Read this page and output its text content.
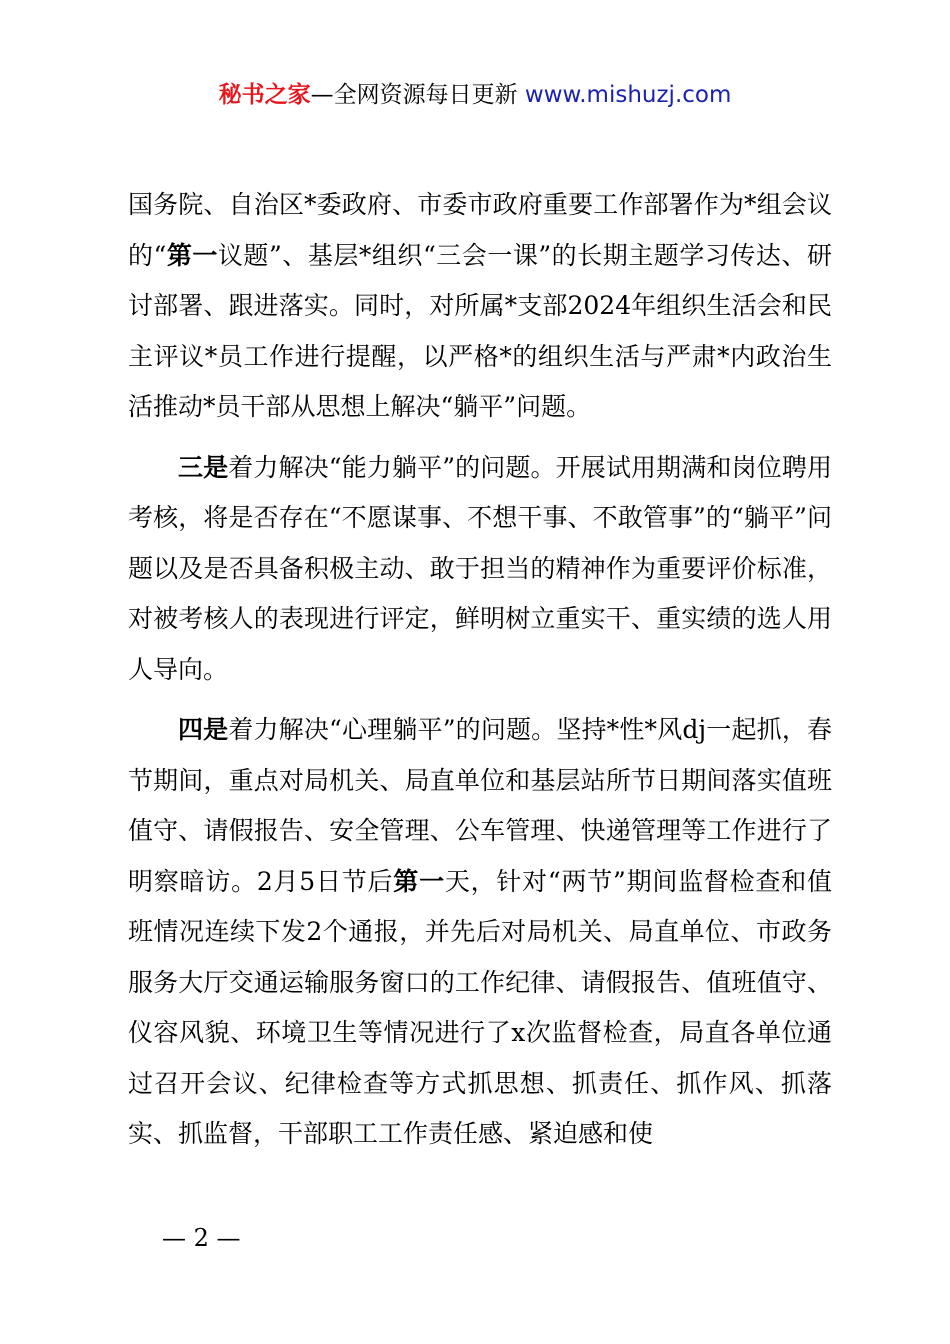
秘书之家—全网资源每日更新 www.mishuzj.com

国务院、自治区*委政府、市委市政府重要工作部署作为*组会议的“第一议题”、基层*组织“三会一课”的长期主题学习传达、研讨部署、跟进落实。同时，对所属*支部2024年组织生活会和民主评议*员工作进行提醒，以严格*的组织生活与严肃*内政治生活推动*员干部从思想上解决“躺平”问题。

三是着力解决“能力躺平”的问题。开展试用期满和岗位聘用考核，将是否存在“不愿谋事、不想干事、不敢管事”的“躺平”问题以及是否具备积极主动、敢于担当的精神作为重要评价标准，对被考核人的表现进行评定，鲜明树立重实干、重实绩的选人用人导向。

四是着力解决“心理躺平”的问题。坚持*性*风dj一起抓，春节期间，重点对局机关、局直单位和基层站所节日期间落实值班值守、请假报告、安全管理、公车管理、快递管理等工作进行了明察暗访。2月5日节后第一天，针对“两节”期间监督检查和值班情况连续下发2个通报，并先后对局机关、局直单位、市政务服务大厅交通运输服务窗口的工作纪律、请假报告、值班值守、仪容风貌、环境卫生等情况进行了x次监督检查，局直各单位通过召开会议、纪律检查等方式抓思想、抓责任、抓作风、抓落实、抓监督，干部职工工作责任感、紧迫感和使

— 2 —
